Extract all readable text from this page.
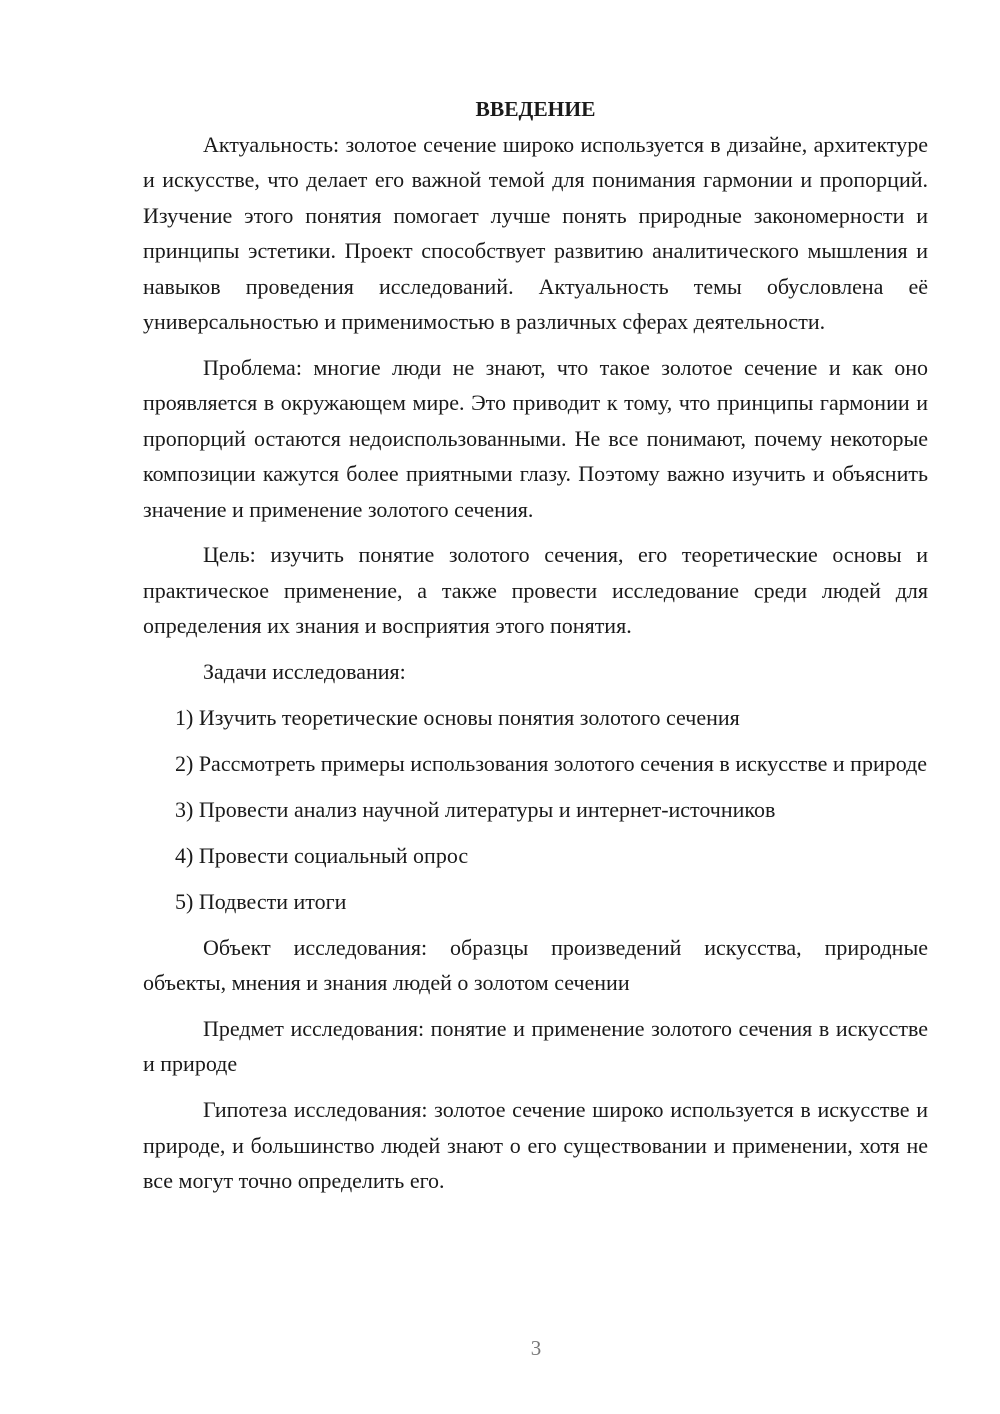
ВВЕДЕНИЕ

Актуальность: золотое сечение широко используется в дизайне, архитектуре и искусстве, что делает его важной темой для понимания гармонии и пропорций. Изучение этого понятия помогает лучше понять природные закономерности и принципы эстетики. Проект способствует развитию аналитического мышления и навыков проведения исследований. Актуальность темы обусловлена её универсальностью и применимостью в различных сферах деятельности.

Проблема: многие люди не знают, что такое золотое сечение и как оно проявляется в окружающем мире. Это приводит к тому, что принципы гармонии и пропорций остаются недоиспользованными. Не все понимают, почему некоторые композиции кажутся более приятными глазу. Поэтому важно изучить и объяснить значение и применение золотого сечения.

Цель: изучить понятие золотого сечения, его теоретические основы и практическое применение, а также провести исследование среди людей для определения их знания и восприятия этого понятия.

Задачи исследования:

1) Изучить теоретические основы понятия золотого сечения

2) Рассмотреть примеры использования золотого сечения в искусстве и природе

3) Провести анализ научной литературы и интернет-источников

4) Провести социальный опрос

5) Подвести итоги

Объект исследования: образцы произведений искусства, природные объекты, мнения и знания людей о золотом сечении

Предмет исследования: понятие и применение золотого сечения в искусстве и природе

Гипотеза исследования: золотое сечение широко используется в искусстве и природе, и большинство людей знают о его существовании и применении, хотя не все могут точно определить его.

3
